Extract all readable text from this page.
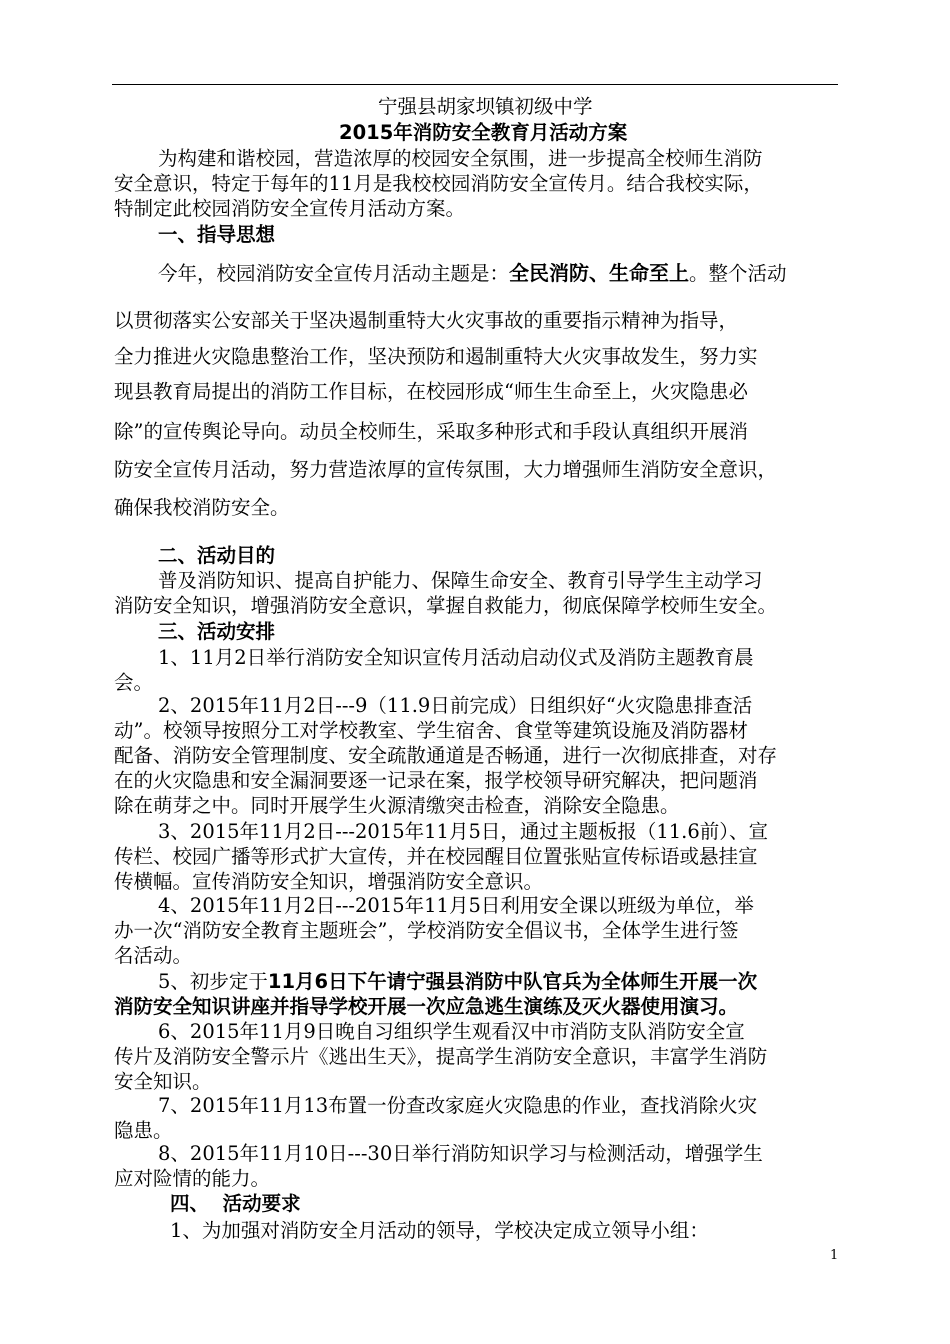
宁强县胡家坝镇初级中学
2015年消防安全教育月活动方案
为构建和谐校园，营造浓厚的校园安全氛围，进一步提高全校师生消防
安全意识，特定于每年的11月是我校校园消防安全宣传月。结合我校实际，
特制定此校园消防安全宣传月活动方案。
一、指导思想
今年，校园消防安全宣传月活动主题是：全民消防、生命至上。整个活动
以贯彻落实公安部关于坚决遏制重特大火灾事故的重要指示精神为指导，
全力推进火灾隐患整治工作，坚决预防和遏制重特大火灾事故发生，努力实
现县教育局提出的消防工作目标，在校园形成“师生生命至上，火灾隐患必
除”的宣传舆论导向。动员全校师生，采取多种形式和手段认真组织开展消
防安全宣传月活动，努力营造浓厚的宣传氛围，大力增强师生消防安全意识，
确保我校消防安全。
二、活动目的
普及消防知识、提高自护能力、保障生命安全、教育引导学生主动学习
消防安全知识，增强消防安全意识，掌握自救能力，彻底保障学校师生安全。
三、活动安排
1、11月2日举行消防安全知识宣传月活动启动仪式及消防主题教育晨
会。
2、2015年11月2日---9（11.9日前完成）日组织好“火灾隐患排查活
动”。校领导按照分工对学校教室、学生宿舍、食堂等建筑设施及消防器材
配备、消防安全管理制度、安全疏散通道是否畅通，进行一次彻底排查，对存
在的火灾隐患和安全漏洞要逐一记录在案，报学校领导研究解决，把问题消
除在萌芽之中。同时开展学生火源清缴突击检查，消除安全隐患。
3、2015年11月2日---2015年11月5日，通过主题板报（11.6前）、宣
传栏、校园广播等形式扩大宣传，并在校园醒目位置张贴宣传标语或悬挂宣
传横幅。宣传消防安全知识，增强消防安全意识。
4、2015年11月2日---2015年11月5日利用安全课以班级为单位，举
办一次“消防安全教育主题班会”，学校消防安全倡议书，全体学生进行签
名活动。
5、初步定于11月6日下午请宁强县消防中队官兵为全体师生开展一次
消防安全知识讲座并指导学校开展一次应急逃生演练及灭火器使用演习。
6、2015年11月9日晚自习组织学生观看汉中市消防支队消防安全宣
传片及消防安全警示片《逃出生天》，提高学生消防安全意识，丰富学生消防
安全知识。
7、2015年11月13布置一份查改家庭火灾隐患的作业，查找消除火灾
隐患。
8、2015年11月10日---30日举行消防知识学习与检测活动，增强学生
应对险情的能力。
四、  活动要求
1、为加强对消防安全月活动的领导，学校决定成立领导小组：
1
